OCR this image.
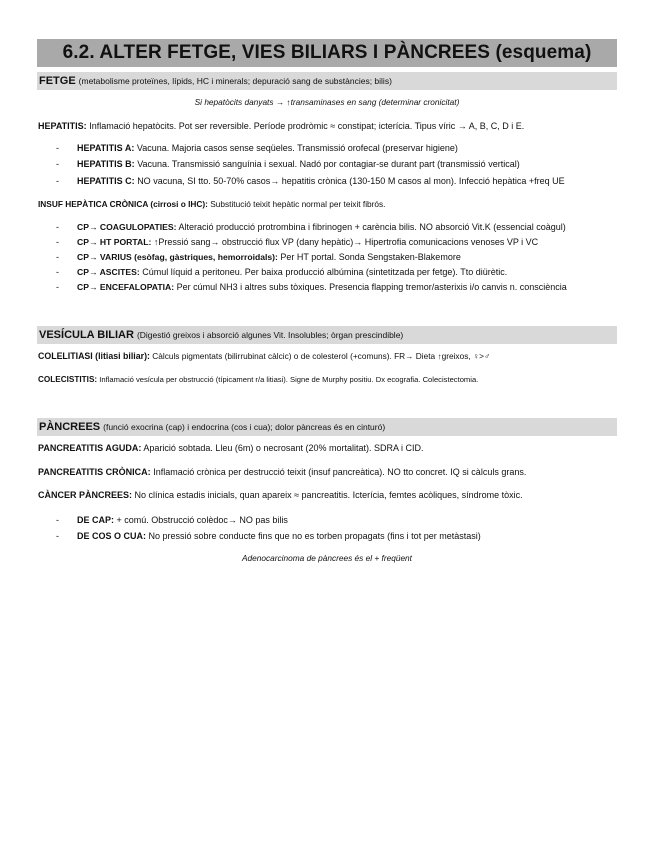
6.2. ALTER FETGE, VIES BILIARS I PÀNCREES (esquema)
FETGE (metabolisme proteïnes, lípids, HC i minerals; depuració sang de substàncies; bilis)
Si hepatòcits danyats → ↑transaminases en sang (determinar cronicitat)
HEPATITIS: Inflamació hepatòcits. Pot ser reversible. Període prodròmic ≈ constipat; icterícia. Tipus víric → A, B, C, D i E.
- HEPATITIS A: Vacuna. Majoria casos sense seqüeles. Transmissió orofecal (preservar higiene)
- HEPATITIS B: Vacuna. Transmissió sanguínia i sexual. Nadó por contagiar-se durant part (transmissió vertical)
- HEPATITIS C: NO vacuna, SI tto. 50-70% casos→ hepatitis crònica (130-150 M casos al mon). Infecció hepàtica +freq UE
INSUF HEPÀTICA CRÒNICA (cirrosi o IHC): Substitució teixit hepàtic normal per teixit fibrós.
- CP→ COAGULOPATIES: Alteració producció protrombina i fibrinogen + carència bilis. NO absorció Vit.K (essencial coàgul)
- CP→ HT PORTAL: ↑Pressió sang→ obstrucció flux VP (dany hepàtic)→ Hipertrofia comunicacions venoses VP i VC
- CP→ VARIUS (esòfag, gàstriques, hemorroidals): Per HT portal. Sonda Sengstaken-Blakemore
- CP→ ASCITES: Cúmul líquid a peritoneu. Per baixa producció albúmina (sintetitzada per fetge). Tto diürètic.
- CP→ ENCEFALOPATIA: Per cúmul NH3 i altres subs tòxiques. Presencia flapping tremor/asterixis i/o canvis n. consciència
VESÍCULA BILIAR (Digestió greixos i absorció algunes Vit. Insolubles; òrgan prescindible)
COLELITIASI (litiasi biliar): Càlculs pigmentats (bilirrubinat càlcic) o de colesterol (+comuns). FR→ Dieta ↑greixos, ♀>♂
COLECISTITIS: Inflamació vesícula per obstrucció (típicament r/a litiasi). Signe de Murphy positiu. Dx ecografia. Colecistectomia.
PÀNCREES (funció exocrina (cap) i endocrina (cos i cua); dolor pàncreas és en cinturó)
PANCREATITIS AGUDA: Aparició sobtada. Lleu (6m) o necrosant (20% mortalitat). SDRA i CID.
PANCREATITIS CRÒNICA: Inflamació crònica per destrucció teixit (insuf pancreàtica). NO tto concret. IQ si càlculs grans.
CÀNCER PÀNCREES: No clínica estadis inicials, quan apareix ≈ pancreatitis. Icterícia, femtes acòliques, síndrome tòxic.
- DE CAP: + comú. Obstrucció colèdoc→ NO pas bilis
- DE COS O CUA: No pressió sobre conducte fins que no es torben propagats (fins i tot per metàstasi)
Adenocarcinoma de pàncrees és el + freqüent
